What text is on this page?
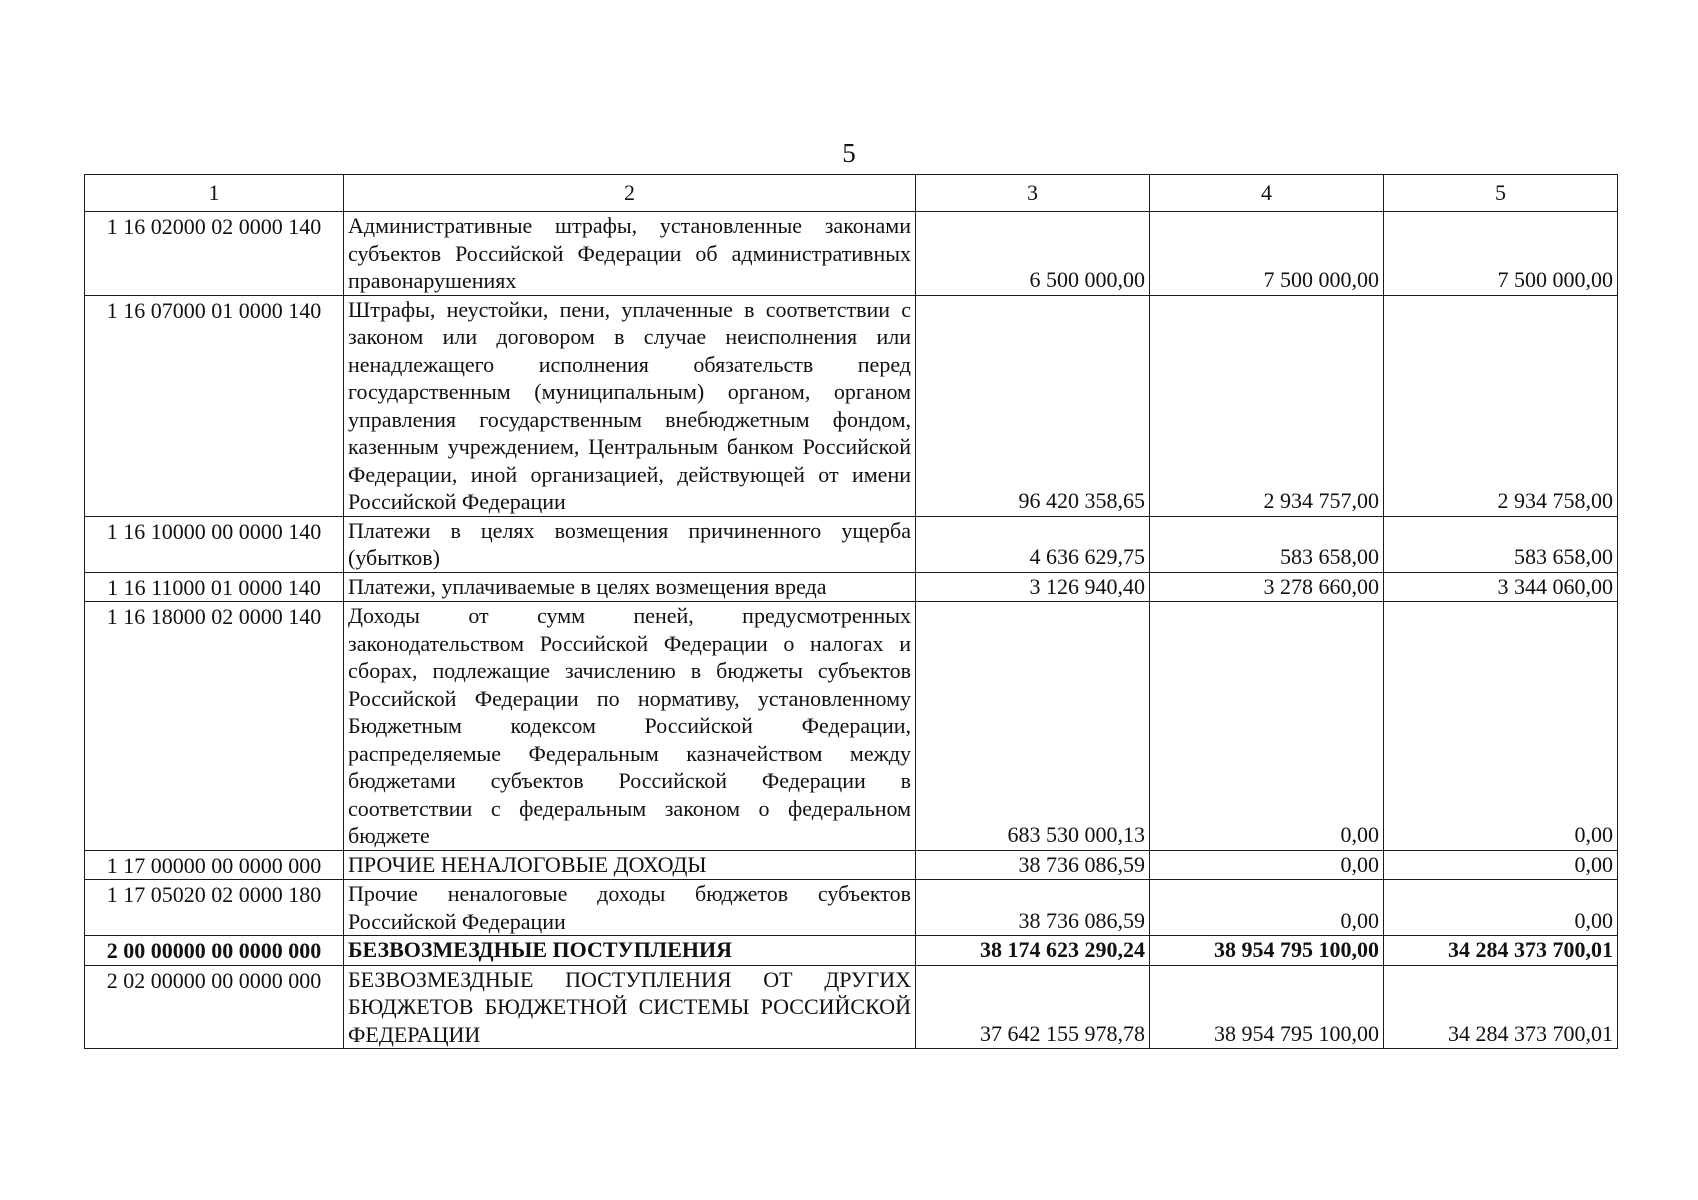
5
1	2	3	4	5
1 16 02000 02 0000 140	Административные штрафы, установленные законами субъектов Российской Федерации об административных правонарушениях	6 500 000,00	7 500 000,00	7 500 000,00
1 16 07000 01 0000 140	Штрафы, неустойки, пени, уплаченные в соответствии с законом или договором в случае неисполнения или ненадлежащего исполнения обязательств перед государственным (муниципальным) органом, органом управления государственным внебюджетным фондом, казенным учреждением, Центральным банком Российской Федерации, иной организацией, действующей от имени Российской Федерации	96 420 358,65	2 934 757,00	2 934 758,00
1 16 10000 00 0000 140	Платежи в целях возмещения причиненного ущерба (убытков)	4 636 629,75	583 658,00	583 658,00
1 16 11000 01 0000 140	Платежи, уплачиваемые в целях возмещения вреда	3 126 940,40	3 278 660,00	3 344 060,00
1 16 18000 02 0000 140	Доходы от сумм пеней, предусмотренных законодательством Российской Федерации о налогах и сборах, подлежащие зачислению в бюджеты субъектов Российской Федерации по нормативу, установленному Бюджетным кодексом Российской Федерации, распределяемые Федеральным казначейством между бюджетами субъектов Российской Федерации в соответствии с федеральным законом о федеральном бюджете	683 530 000,13	0,00	0,00
1 17 00000 00 0000 000	ПРОЧИЕ НЕНАЛОГОВЫЕ ДОХОДЫ	38 736 086,59	0,00	0,00
1 17 05020 02 0000 180	Прочие неналоговые доходы бюджетов субъектов Российской Федерации	38 736 086,59	0,00	0,00
2 00 00000 00 0000 000	БЕЗВОЗМЕЗДНЫЕ ПОСТУПЛЕНИЯ	38 174 623 290,24	38 954 795 100,00	34 284 373 700,01
2 02 00000 00 0000 000	БЕЗВОЗМЕЗДНЫЕ ПОСТУПЛЕНИЯ ОТ ДРУГИХ БЮДЖЕТОВ БЮДЖЕТНОЙ СИСТЕМЫ РОССИЙСКОЙ ФЕДЕРАЦИИ	37 642 155 978,78	38 954 795 100,00	34 284 373 700,01
